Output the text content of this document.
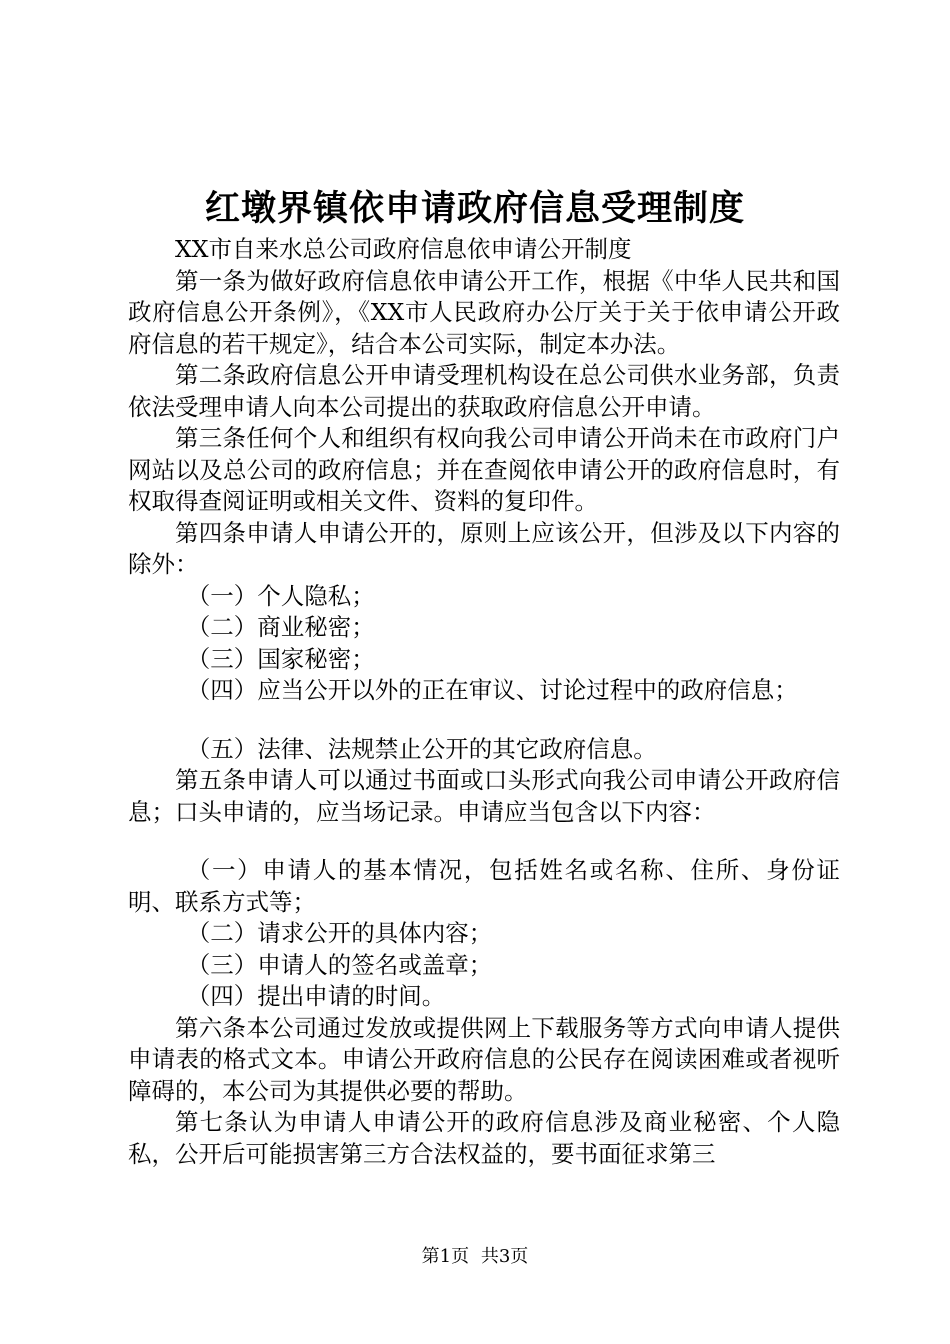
红墩界镇依申请政府信息受理制度

XX市自来水总公司政府信息依申请公开制度

第一条为做好政府信息依申请公开工作，根据《中华人民共和国政府信息公开条例》，《XX市人民政府办公厅关于关于依申请公开政府信息的若干规定》，结合本公司实际，制定本办法。

第二条政府信息公开申请受理机构设在总公司供水业务部，负责依法受理申请人向本公司提出的获取政府信息公开申请。

第三条任何个人和组织有权向我公司申请公开尚未在市政府门户网站以及总公司的政府信息；并在查阅依申请公开的政府信息时，有权取得查阅证明或相关文件、资料的复印件。

第四条申请人申请公开的，原则上应该公开，但涉及以下内容的除外：

（一）个人隐私；

（二）商业秘密；

（三）国家秘密；

（四）应当公开以外的正在审议、讨论过程中的政府信息；

（五）法律、法规禁止公开的其它政府信息。

第五条申请人可以通过书面或口头形式向我公司申请公开政府信息；口头申请的，应当场记录。申请应当包含以下内容：

（一）申请人的基本情况，包括姓名或名称、住所、身份证明、联系方式等；

（二）请求公开的具体内容；

（三）申请人的签名或盖章；

（四）提出申请的时间。

第六条本公司通过发放或提供网上下载服务等方式向申请人提供申请表的格式文本。申请公开政府信息的公民存在阅读困难或者视听障碍的，本公司为其提供必要的帮助。

第七条认为申请人申请公开的政府信息涉及商业秘密、个人隐私，公开后可能损害第三方合法权益的，要书面征求第三

第1页 共3页
